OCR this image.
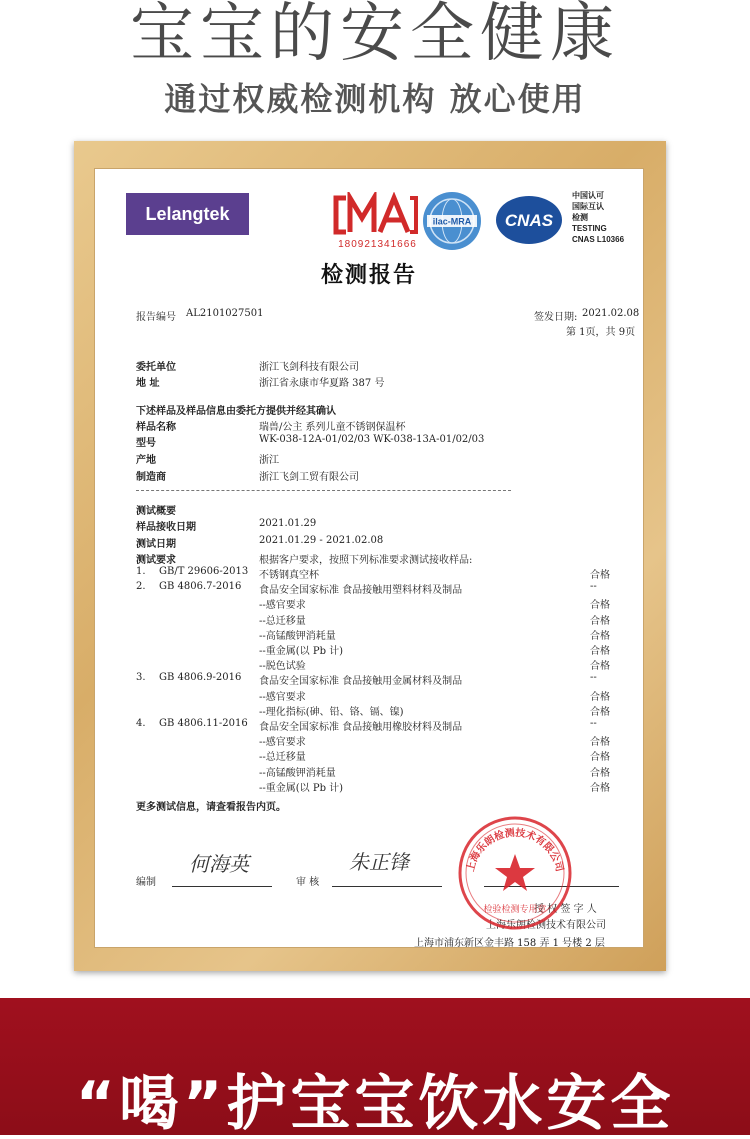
宝宝的安全健康
通过权威检测机构 放心使用
Lelangtek
180921341666
ilac-MRA CNAS
中国认可
国际互认
检测
TESTING
CNAS L10366
检测报告
报告编号 AL2101027501	签发日期: 2021.02.08
第 1页，共 9页
委托单位	浙江飞剑科技有限公司
地 址	浙江省永康市华夏路 387 号
下述样品及样品信息由委托方提供并经其确认
样品名称	瑞兽/公主 系列儿童不锈钢保温杯
型号	WK-038-12A-01/02/03 WK-038-13A-01/02/03
产地	浙江
制造商	浙江飞剑工贸有限公司
测试概要
样品接收日期	2021.01.29
测试日期	2021.01.29 - 2021.02.08
测试要求	根据客户要求，按照下列标准要求测试接收样品:
1. GB/T 29606-2013 不锈钢真空杯	合格
2. GB 4806.7-2016 食品安全国家标准 食品接触用塑料材料及制品	--
--感官要求	合格
--总迁移量	合格
--高锰酸钾消耗量	合格
--重金属(以 Pb 计)	合格
--脱色试验	合格
3. GB 4806.9-2016 食品安全国家标准 食品接触用金属材料及制品	--
--感官要求	合格
--理化指标(砷、铅、铬、镉、镍)	合格
4. GB 4806.11-2016 食品安全国家标准 食品接触用橡胶材料及制品	--
--感官要求	合格
--总迁移量	合格
--高锰酸钾消耗量	合格
--重金属(以 Pb 计)	合格
更多测试信息，请查看报告内页。
编制
何海英
审 核
朱正锋
授 权 签 字 人
上海乐朗检测技术有限公司
上海市浦东新区金丰路 158 弄 1 号楼 2 层
上海乐朗检测技术有限公司
检验检测专用章
“喝”护宝宝饮水安全
